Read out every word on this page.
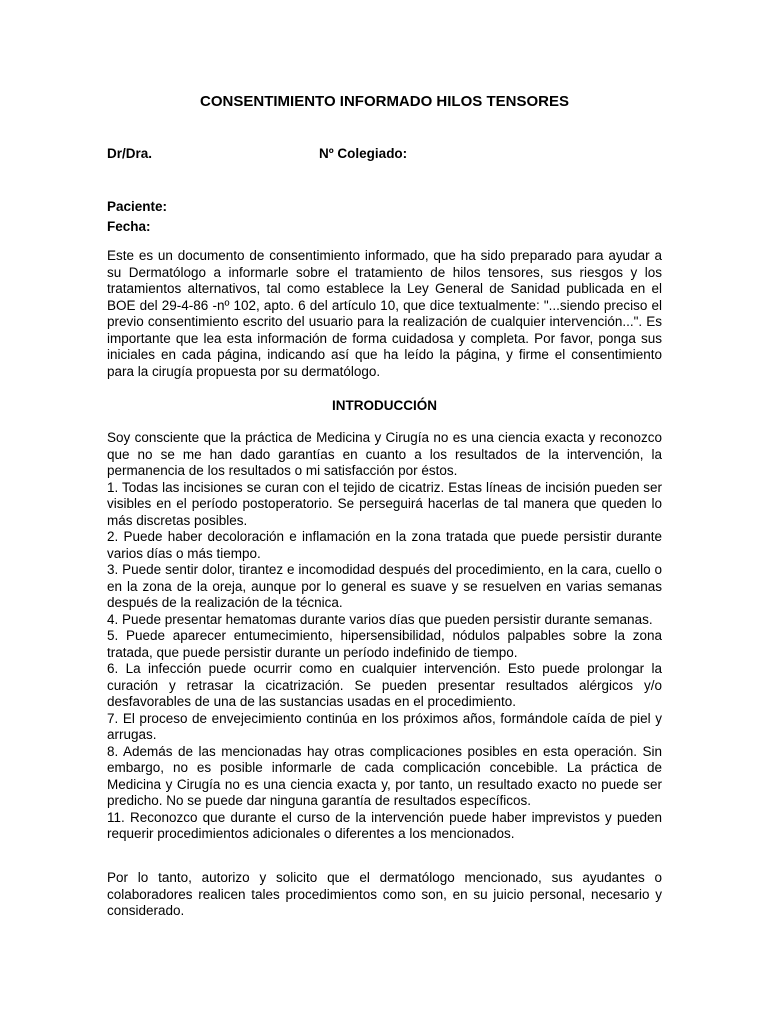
CONSENTIMIENTO INFORMADO HILOS TENSORES
Dr/Dra.	Nº Colegiado:
Paciente:
Fecha:

Este es un documento de consentimiento informado, que ha sido preparado para ayudar a su Dermatólogo a informarle sobre el tratamiento de hilos tensores, sus riesgos y los tratamientos alternativos, tal como establece la Ley General de Sanidad publicada en el BOE del 29-4-86 -nº 102, apto. 6 del artículo 10, que dice textualmente: "...siendo preciso el previo consentimiento escrito del usuario para la realización de cualquier intervención...". Es importante que lea esta información de forma cuidadosa y completa. Por favor, ponga sus iniciales en cada página, indicando así que ha leído la página, y firme el consentimiento para la cirugía propuesta por su dermatólogo.

INTRODUCCIÓN

Soy consciente que la práctica de Medicina y Cirugía no es una ciencia exacta y reconozco que no se me han dado garantías en cuanto a los resultados de la intervención, la permanencia de los resultados o mi satisfacción por éstos.

1. Todas las incisiones se curan con el tejido de cicatriz. Estas líneas de incisión pueden ser visibles en el período postoperatorio. Se perseguirá hacerlas de tal manera que queden lo más discretas posibles.

2. Puede haber decoloración e inflamación en la zona tratada que puede persistir durante varios días o más tiempo.

3. Puede sentir dolor, tirantez e incomodidad después del procedimiento, en la cara, cuello o en la zona de la oreja, aunque por lo general es suave y se resuelven en varias semanas después de la realización de la técnica.

4. Puede presentar hematomas durante varios días que pueden persistir durante semanas.

5. Puede aparecer entumecimiento, hipersensibilidad, nódulos palpables sobre la zona tratada, que puede persistir durante un período indefinido de tiempo.

6. La infección puede ocurrir como en cualquier intervención. Esto puede prolongar la curación y retrasar la cicatrización. Se pueden presentar resultados alérgicos y/o desfavorables de una de las sustancias usadas en el procedimiento.

7. El proceso de envejecimiento continúa en los próximos años, formándole caída de piel y arrugas.

8. Además de las mencionadas hay otras complicaciones posibles en esta operación. Sin embargo, no es posible informarle de cada complicación concebible. La práctica de Medicina y Cirugía no es una ciencia exacta y, por tanto, un resultado exacto no puede ser predicho. No se puede dar ninguna garantía de resultados específicos.

11. Reconozco que durante el curso de la intervención puede haber imprevistos y pueden requerir procedimientos adicionales o diferentes a los mencionados.

Por lo tanto, autorizo y solicito que el dermatólogo mencionado, sus ayudantes o colaboradores realicen tales procedimientos como son, en su juicio personal, necesario y considerado.
